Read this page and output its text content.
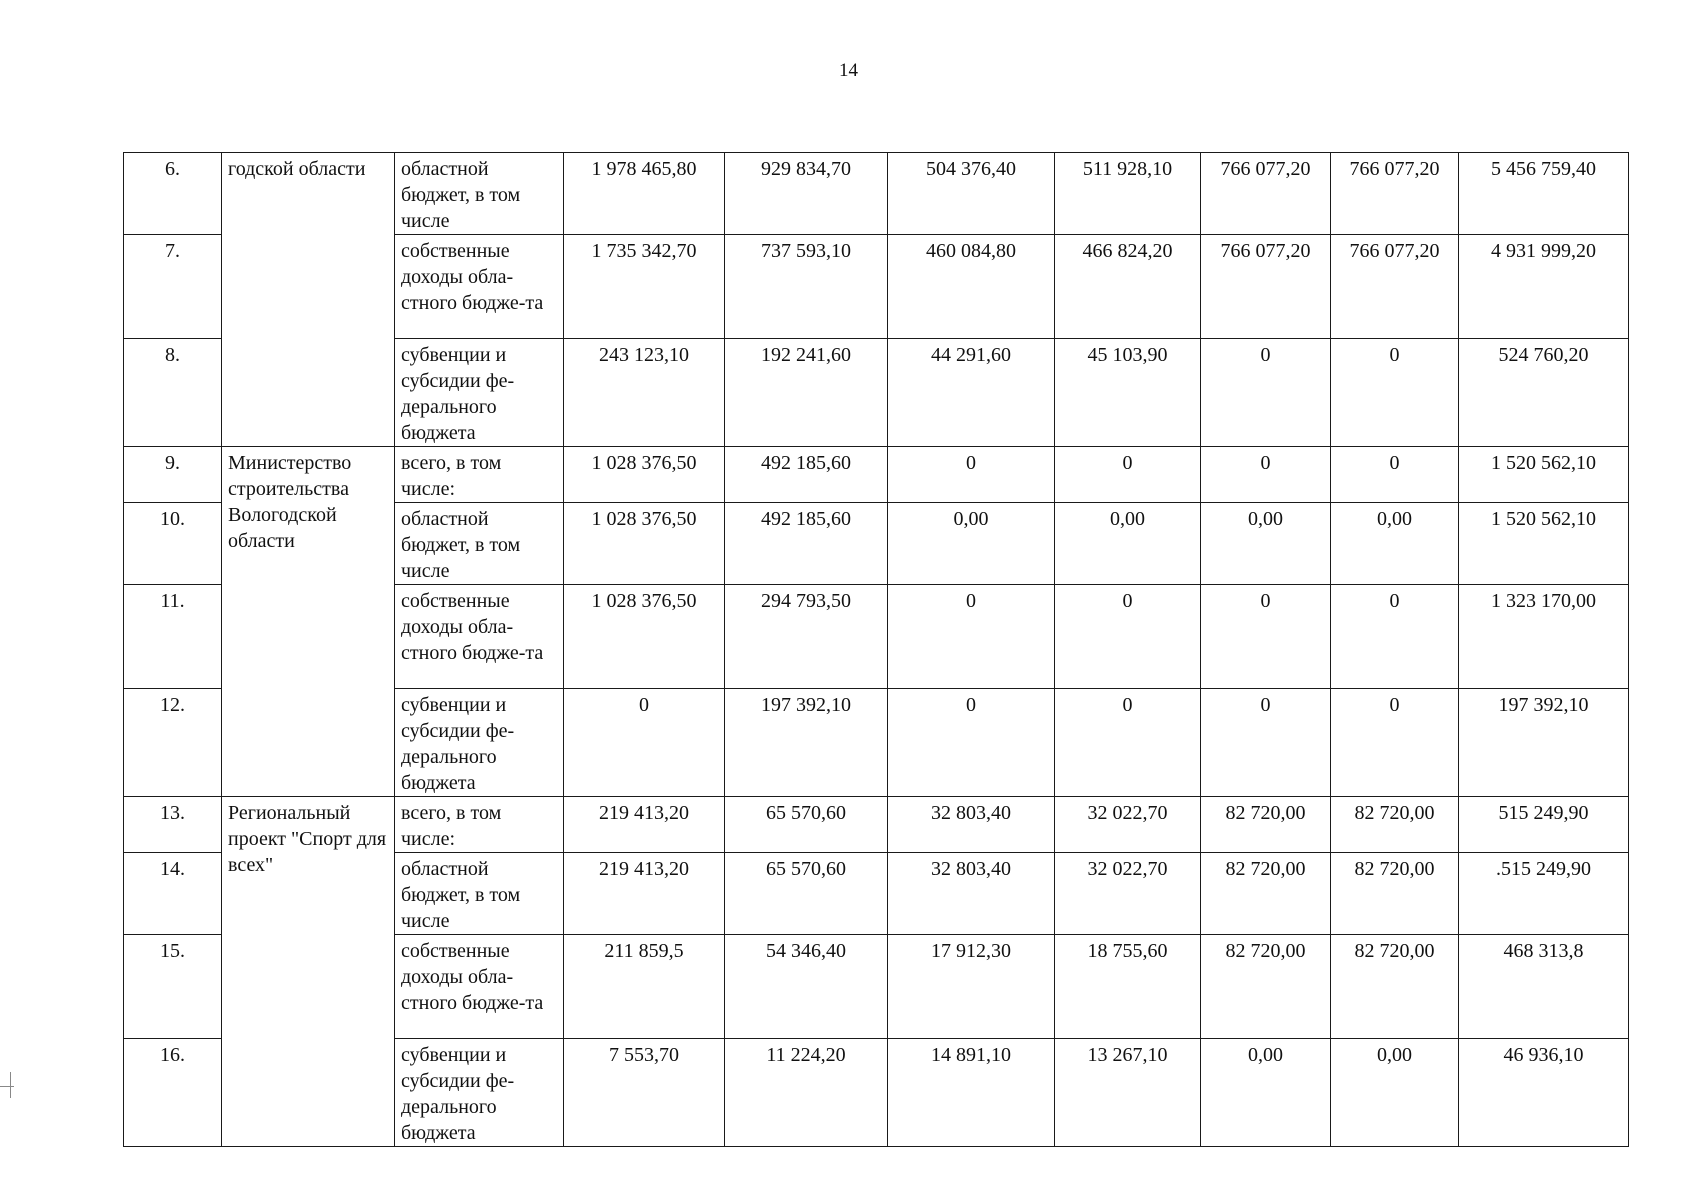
14
6.	годской области	областной бюджет, в том числе	1 978 465,80	929 834,70	504 376,40	511 928,10	766 077,20	766 077,20	5 456 759,40
7.		собственные доходы обла-стного бюдже-та	1 735 342,70	737 593,10	460 084,80	466 824,20	766 077,20	766 077,20	4 931 999,20
8.		субвенции и субсидии фе-дерального бюджета	243 123,10	192 241,60	44 291,60	45 103,90	0	0	524 760,20
9.	Министерство строительства Вологодской области	всего, в том числе:	1 028 376,50	492 185,60	0	0	0	0	1 520 562,10
10.		областной бюджет, в том числе	1 028 376,50	492 185,60	0,00	0,00	0,00	0,00	1 520 562,10
11.		собственные доходы обла-стного бюдже-та	1 028 376,50	294 793,50	0	0	0	0	1 323 170,00
12.		субвенции и субсидии фе-дерального бюджета	0	197 392,10	0	0	0	0	197 392,10
13.	Региональный проект "Спорт для всех"	всего, в том числе:	219 413,20	65 570,60	32 803,40	32 022,70	82 720,00	82 720,00	515 249,90
14.		областной бюджет, в том числе	219 413,20	65 570,60	32 803,40	32 022,70	82 720,00	82 720,00	.515 249,90
15.		собственные доходы обла-стного бюдже-та	211 859,5	54 346,40	17 912,30	18 755,60	82 720,00	82 720,00	468 313,8
16.		субвенции и субсидии фе-дерального бюджета	7 553,70	11 224,20	14 891,10	13 267,10	0,00	0,00	46 936,10
